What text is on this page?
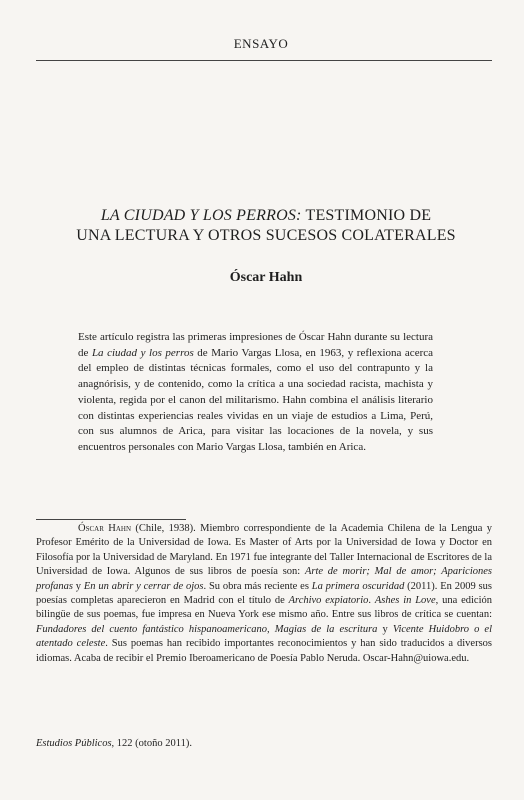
ENSAYO
LA CIUDAD Y LOS PERROS: TESTIMONIO DE
UNA LECTURA Y OTROS SUCESOS COLATERALES
Óscar Hahn
Este artículo registra las primeras impresiones de Óscar Hahn durante su lectura de La ciudad y los perros de Mario Vargas Llosa, en 1963, y reflexiona acerca del empleo de distintas técnicas formales, como el uso del contrapunto y la anagnórisis, y de contenido, como la crítica a una sociedad racista, machista y violenta, regida por el canon del militarismo. Hahn combina el análisis literario con distintas experiencias reales vividas en un viaje de estudios a Lima, Perú, con sus alumnos de Arica, para visitar las locaciones de la novela, y sus encuentros personales con Mario Vargas Llosa, también en Arica.
Óscar Hahn (Chile, 1938). Miembro correspondiente de la Academia Chilena de la Lengua y Profesor Emérito de la Universidad de Iowa. Es Master of Arts por la Universidad de Iowa y Doctor en Filosofía por la Universidad de Maryland. En 1971 fue integrante del Taller Internacional de Escritores de la Universidad de Iowa. Algunos de sus libros de poesía son: Arte de morir; Mal de amor; Apariciones profanas y En un abrir y cerrar de ojos. Su obra más reciente es La primera oscuridad (2011). En 2009 sus poesías completas aparecieron en Madrid con el título de Archivo expiatorio. Ashes in Love, una edición bilingüe de sus poemas, fue impresa en Nueva York ese mismo año. Entre sus libros de crítica se cuentan: Fundadores del cuento fantástico hispanoamericano, Magias de la escritura y Vicente Huidobro o el atentado celeste. Sus poemas han recibido importantes reconocimientos y han sido traducidos a diversos idiomas. Acaba de recibir el Premio Iberoamericano de Poesía Pablo Neruda. Oscar-Hahn@uiowa.edu.
Estudios Públicos, 122 (otoño 2011).
